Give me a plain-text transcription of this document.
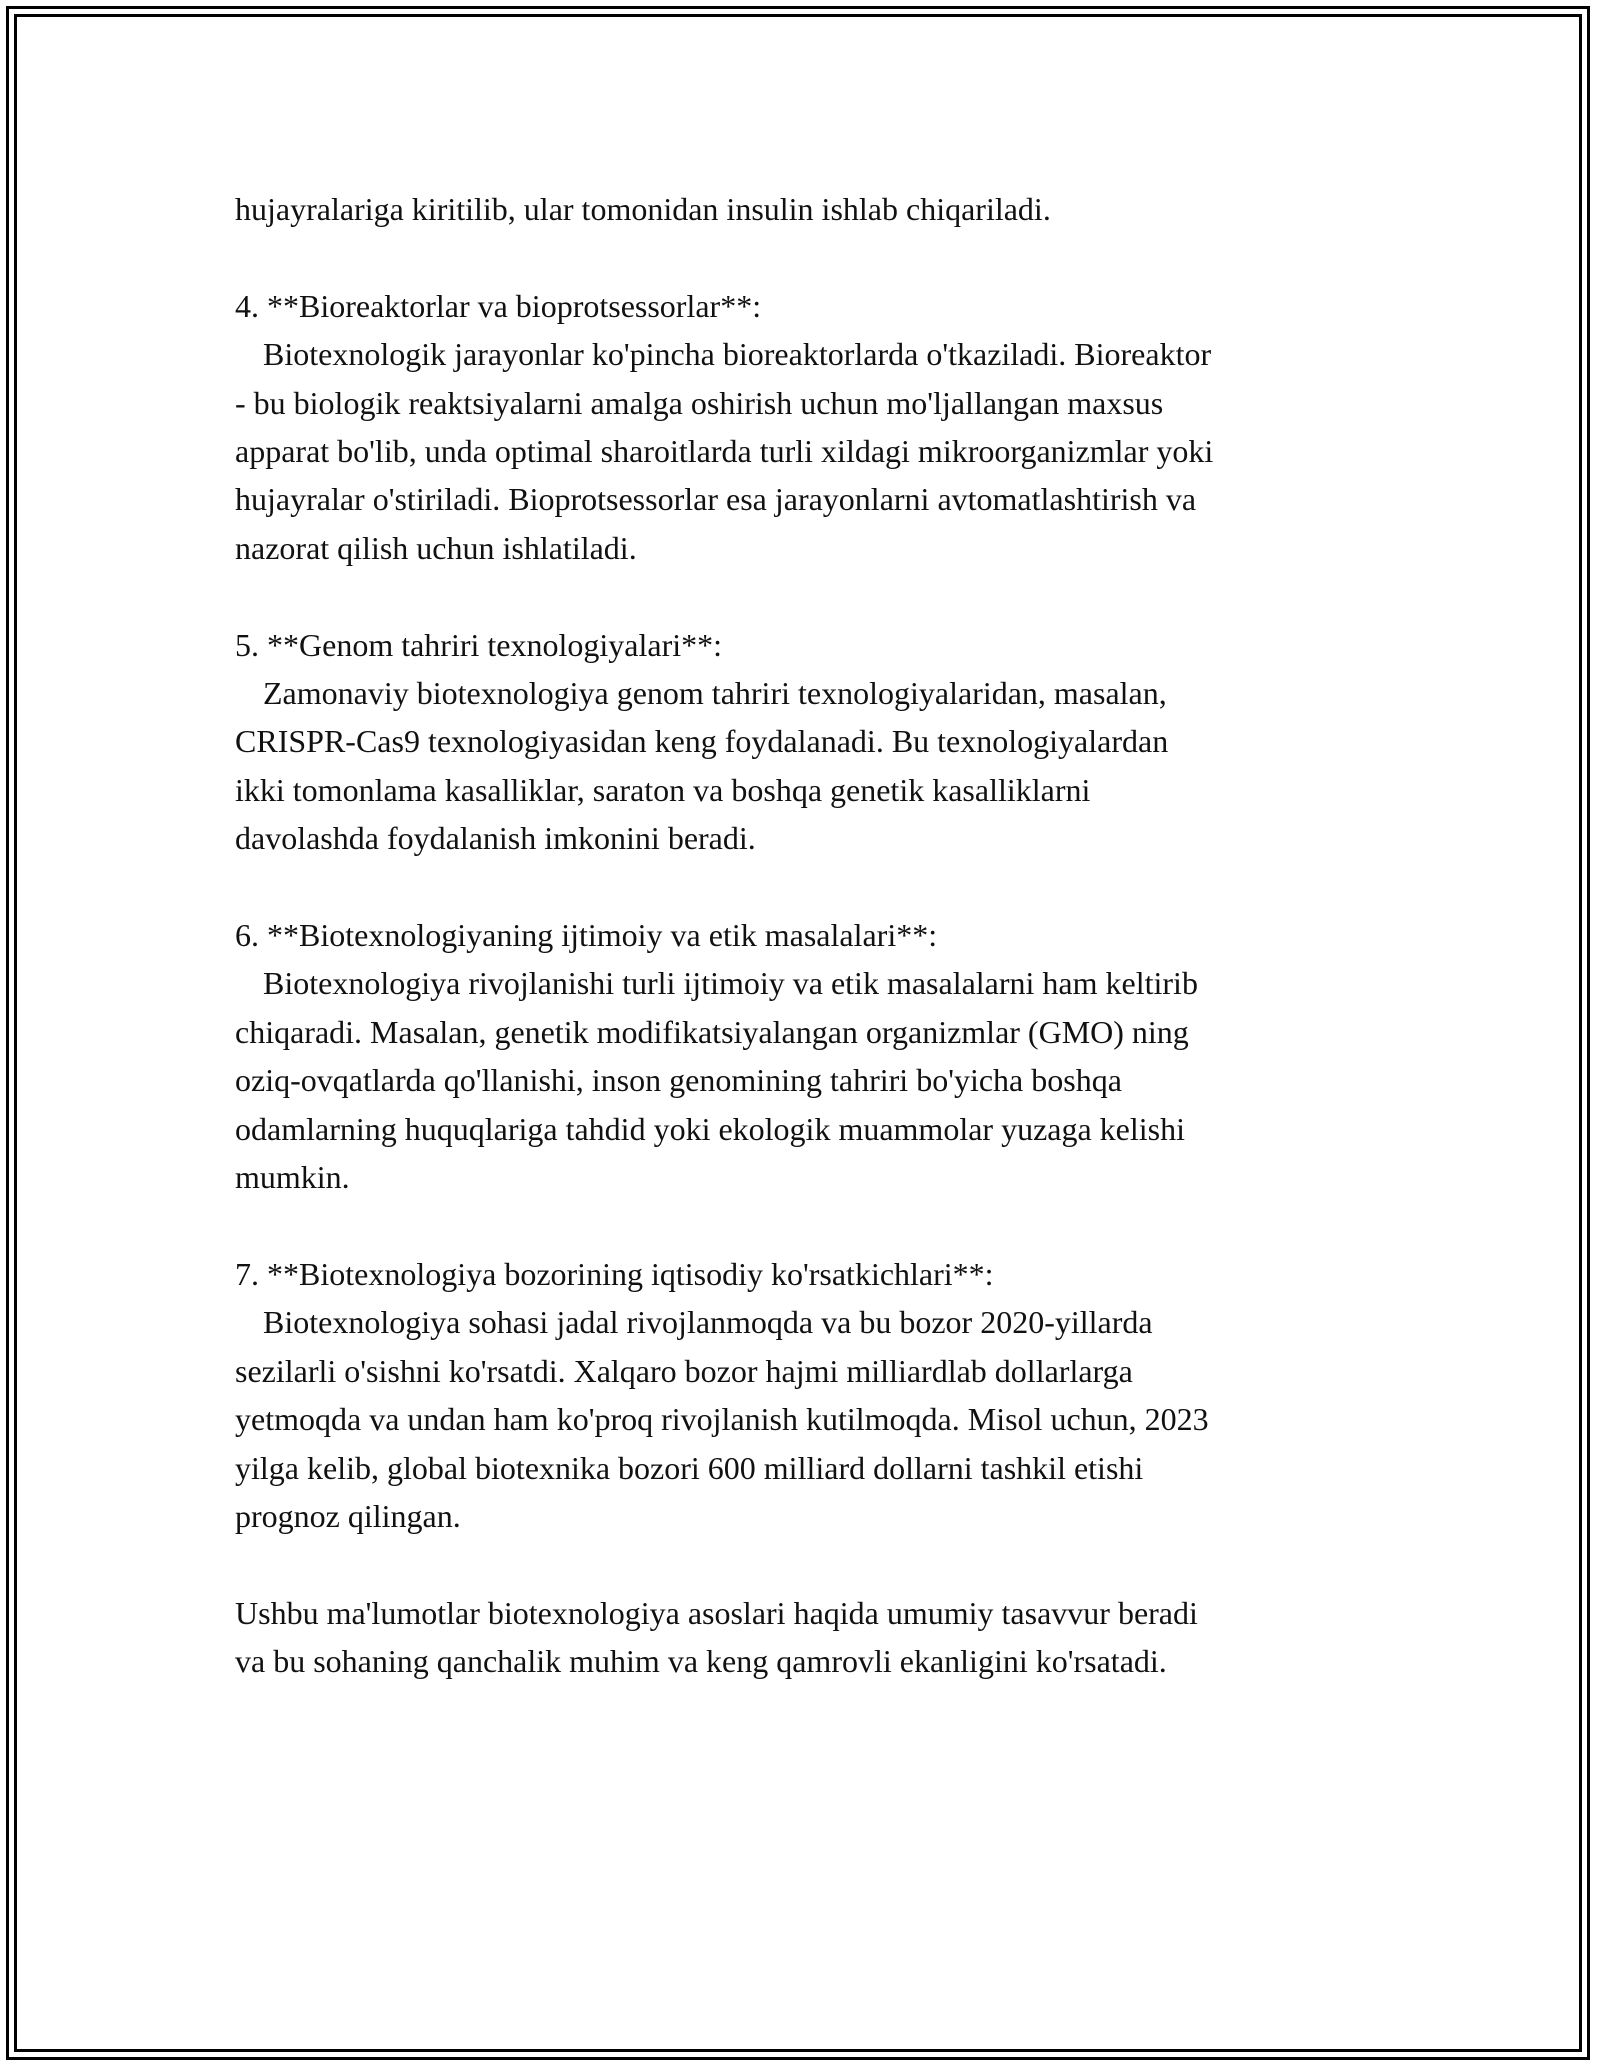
hujayralariga kiritilib, ular tomonidan insulin ishlab chiqariladi.

4. **Bioreaktorlar va bioprotsessorlar**:

Biotexnologik jarayonlar ko'pincha bioreaktorlarda o'tkaziladi. Bioreaktor
- bu biologik reaktsiyalarni amalga oshirish uchun mo'ljallangan maxsus
apparat bo'lib, unda optimal sharoitlarda turli xildagi mikroorganizmlar yoki
hujayralar o'stiriladi. Bioprotsessorlar esa jarayonlarni avtomatlashtirish va
nazorat qilish uchun ishlatiladi.

5. **Genom tahriri texnologiyalari**:

Zamonaviy biotexnologiya genom tahriri texnologiyalaridan, masalan,
CRISPR-Cas9 texnologiyasidan keng foydalanadi. Bu texnologiyalardan
ikki tomonlama kasalliklar, saraton va boshqa genetik kasalliklarni
davolashda foydalanish imkonini beradi.

6. **Biotexnologiyaning ijtimoiy va etik masalalari**:

Biotexnologiya rivojlanishi turli ijtimoiy va etik masalalarni ham keltirib
chiqaradi. Masalan, genetik modifikatsiyalangan organizmlar (GMO) ning
oziq-ovqatlarda qo'llanishi, inson genomining tahriri bo'yicha boshqa
odamlarning huquqlariga tahdid yoki ekologik muammolar yuzaga kelishi
mumkin.

7. **Biotexnologiya bozorining iqtisodiy ko'rsatkichlari**:

Biotexnologiya sohasi jadal rivojlanmoqda va bu bozor 2020-yillarda
sezilarli o'sishni ko'rsatdi. Xalqaro bozor hajmi milliardlab dollarlarga
yetmoqda va undan ham ko'proq rivojlanish kutilmoqda. Misol uchun, 2023
yilga kelib, global biotexnika bozori 600 milliard dollarni tashkil etishi
prognoz qilingan.
Ushbu ma'lumotlar biotexnologiya asoslari haqida umumiy tasavvur beradi
va bu sohaning qanchalik muhim va keng qamrovli ekanligini ko'rsatadi.
